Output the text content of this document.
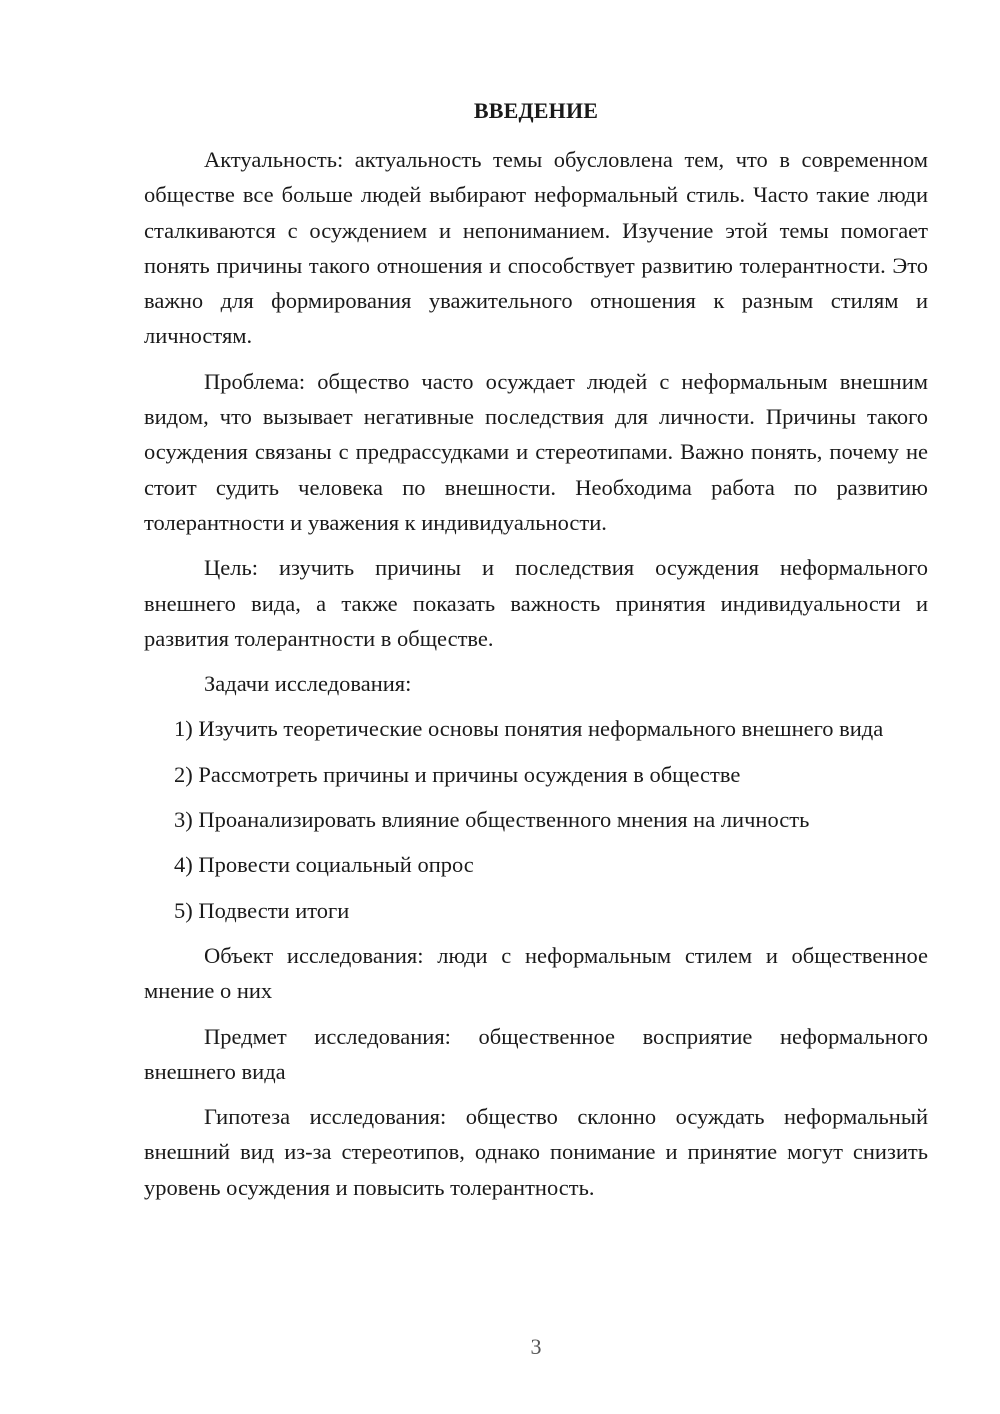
ВВЕДЕНИЕ

Актуальность: актуальность темы обусловлена тем, что в современном обществе все больше людей выбирают неформальный стиль. Часто такие люди сталкиваются с осуждением и непониманием. Изучение этой темы помогает понять причины такого отношения и способствует развитию толерантности. Это важно для формирования уважительного отношения к разным стилям и личностям.

Проблема: общество часто осуждает людей с неформальным внешним видом, что вызывает негативные последствия для личности. Причины такого осуждения связаны с предрассудками и стереотипами. Важно понять, почему не стоит судить человека по внешности. Необходима работа по развитию толерантности и уважения к индивидуальности.

Цель: изучить причины и последствия осуждения неформального внешнего вида, а также показать важность принятия индивидуальности и развития толерантности в обществе.

Задачи исследования:

1) Изучить теоретические основы понятия неформального внешнего вида

2) Рассмотреть причины и причины осуждения в обществе

3) Проанализировать влияние общественного мнения на личность

4) Провести социальный опрос

5) Подвести итоги

Объект исследования: люди с неформальным стилем и общественное мнение о них

Предмет исследования: общественное восприятие неформального внешнего вида

Гипотеза исследования: общество склонно осуждать неформальный внешний вид из-за стереотипов, однако понимание и принятие могут снизить уровень осуждения и повысить толерантность.

3
